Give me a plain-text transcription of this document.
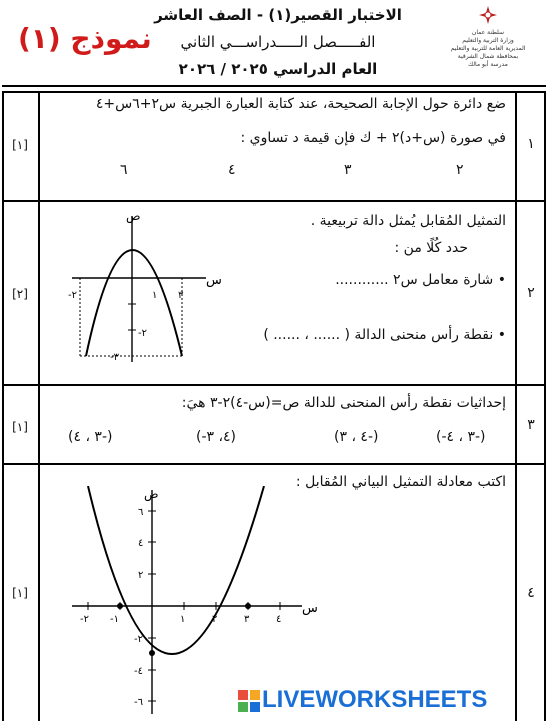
سلطنة عمان
وزارة التربية والتعليم
المديرية العامة للتربية والتعليم
بمحافظة شمال الشرقية
مدرسة أبو مالك
الاختبار القصير(١) - الصف العاشر
الفـــــصل الـــــدراســـي الثاني
العام الدراسي ٢٠٢٥ / ٢٠٢٦
نموذج (١)
١
[١]
ضع دائرة حول الإجابة الصحيحة، عند كتابة العبارة الجبرية س٢+٦س+٤
في صورة (س+د)٢ + ك فإن قيمة د تساوي :
٦	٤	٣	٢
٢
[٢]
التمثيل المُقابل يُمثل دالة تربيعية .
حدد كُلًا من :
• شارة معامل س٢ ............
• نقطة رأس منحنى الدالة ( ...... ، ...... )
ص
س
-٢	١ ٣
-٢
-٣
٣
[١]
إحداثيات نقطة رأس المنحنى للدالة ص=(س-٤)٢-٣ هيَ:
(-٣ ، ٤)	(٤، ٣-)	(-٤ ، ٣)	(-٣ ، ٤-)
٤
[١]
اكتب معادلة التمثيل البياني المُقابل :
ص
س
٦
٤
٢
-٢
-٤
-٦
-٢ -١	١	٢	٣	٤
LIVEWORKSHEETS
